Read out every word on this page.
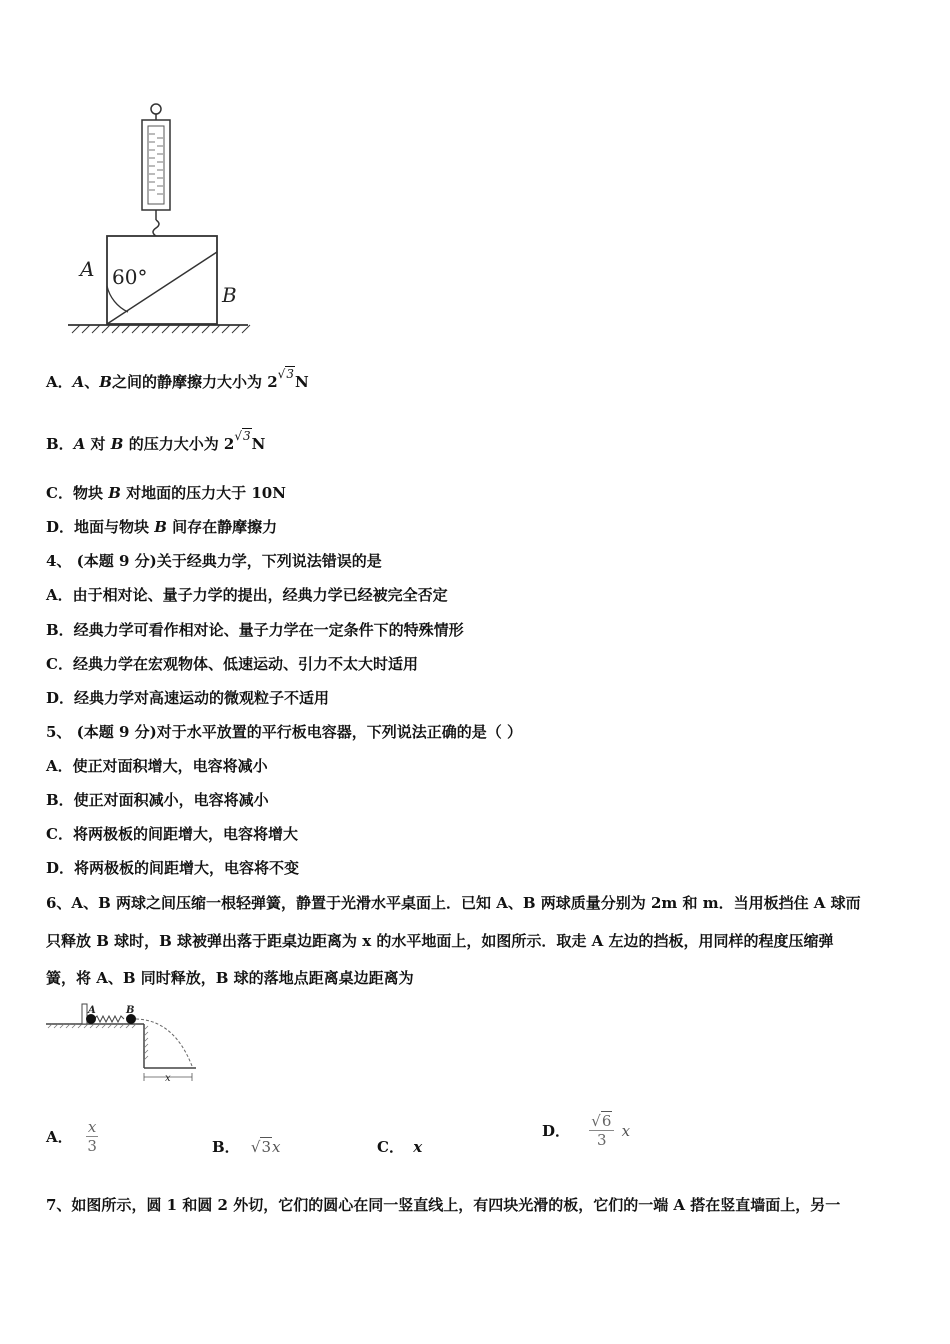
A 60°
B
A．A、B之间的静摩擦力大小为 $2^{√3}N$
B．A 对 B 的压力大小为 $2^{√3}N$
C．物块 B 对地面的压力大于 10N
D．地面与物块 B 间存在静摩擦力
4、 (本题 9 分)关于经典力学，下列说法错误的是
A．由于相对论、量子力学的提出，经典力学已经被完全否定
B．经典力学可看作相对论、量子力学在一定条件下的特殊情形
C．经典力学在宏观物体、低速运动、引力不太大时适用
D．经典力学对高速运动的微观粒子不适用
5、 (本题 9 分)对于水平放置的平行板电容器，下列说法正确的是（ ）
A．使正对面积增大，电容将减小
B．使正对面积减小，电容将减小
C．将两极板的间距增大，电容将增大
D．将两极板的间距增大，电容将不变
6、A、B 两球之间压缩一根轻弹簧，静置于光滑水平桌面上．已知 A、B 两球质量分别为 2m 和 m．当用板挡住 A 球而
只释放 B 球时，B 球被弹出落于距桌边距离为 x 的水平地面上，如图所示．取走 A 左边的挡板，用同样的程度压缩弹
簧，将 A、B 同时释放，B 球的落地点距离桌边距离为
A	B
x
A． $\frac{x}{3}$	B． √3x	C． x
D． $\frac{√6}{3}$ x
7、如图所示，圆 1 和圆 2 外切，它们的圆心在同一竖直线上，有四块光滑的板，它们的一端 A 搭在竖直墙面上，另一
